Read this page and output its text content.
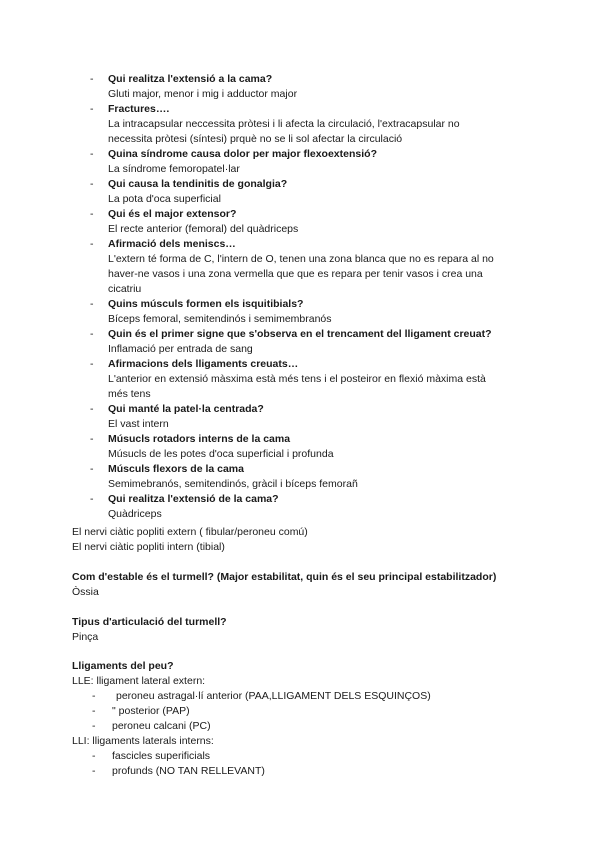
- Qui realitza l'extensió a la cama?
Gluti major, menor i mig i adductor major
- Fractures….
La intracapsular neccessita pròtesi i li afecta la circulació, l'extracapsular no
necessita pròtesi (síntesi) prquè no se li sol afectar la circulació
- Quina síndrome causa dolor per major flexoextensió?
La síndrome femoropatel·lar
- Qui causa la tendinitis de gonalgia?
La pota d'oca superficial
- Qui és el major extensor?
El recte anterior (femoral) del quàdriceps
- Afirmació dels meniscs…
L'extern té forma de C, l'intern de O, tenen una zona blanca que no es repara al no
haver-ne vasos i una zona vermella que que es repara per tenir vasos i crea una
cicatriu
- Quins músculs formen els isquitibials?
Bíceps femoral, semitendinós i semimembranós
- Quin és el primer signe que s'observa en el trencament del lligament creuat?
Inflamació per entrada de sang
- Afirmacions dels lligaments creuats…
L'anterior en extensió màsxima està més tens i el posteiror en flexió màxima està
més tens
- Qui manté la patel·la centrada?
El vast intern
- Músucls rotadors interns de la cama
Músucls de les potes d'oca superficial i profunda
- Músculs flexors de la cama
Semimebranós, semitendinós, gràcil i bíceps femorañ
- Qui realitza l'extensió de la cama?
Quàdriceps
El nervi ciàtic popliti extern ( fibular/peroneu comú)
El nervi ciàtic popliti intern (tibial)
Com d'estable és el turmell? (Major estabilitat, quin és el seu principal estabilitzador)
Òssia
Tipus d'articulació del turmell?
Pinça
Lligaments del peu?
LLE: lligament lateral extern:
- peroneu astragal·lí anterior (PAA,LLIGAMENT DELS ESQUINÇOS)
- " posterior (PAP)
- peroneu calcani (PC)
LLI: lligaments laterals interns:
- fascicles superificials
- profunds (NO TAN RELLEVANT)
